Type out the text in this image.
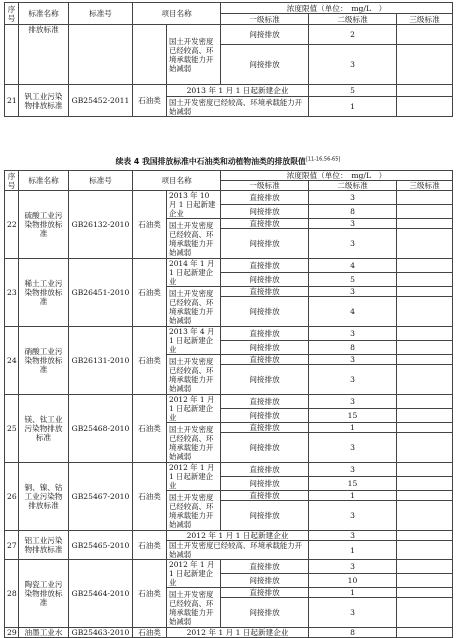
序号	标准名称	标准号	项目名称		浓度限值（单位：　mg/L　）		
					一级标准	二级标准	三级标准
	排放标准			国土开发密度已经较高、环境承载能力开始减弱	间接排放	2	
					间接排放	3	
21	钒工业污染物排放标准	GB25452-2011	石油类	2013 年 1 月 1 日起新建企业		5	
				国土开发密度已经较高、环境承载能力开始减弱		1	
续表 4 我国排放标准中石油类和动植物油类的排放限值[11-16,56-65]
序号	标准名称	标准号	项目名称		浓度限值（单位：　mg/L　）		
					一级标准	二级标准	三级标准
22	硫酸工业污染物排放标准	GB26132-2010	石油类	2013 年 10 月 1 日起新建企业	直接排放	3	
					间接排放	8	
				国土开发密度已经较高、环境承载能力开始减弱	直接排放	3	
					间接排放	3	
23	稀土工业污染物排放标准	GB26451-2010	石油类	2014 年 1 月 1 日起新建企业	直接排放	4	
					间接排放	5	
				国土开发密度已经较高、环境承载能力开始减弱	直接排放	3	
					间接排放	4	
24	硝酸工业污染物排放标准	GB26131-2010	石油类	2013 年 4 月 1 日起新建企业	直接排放	3	
					间接排放	8	
				国土开发密度已经较高、环境承载能力开始减弱	直接排放	3	
					间接排放	3	
25	镁、钛工业污染物排放标准	GB25468-2010	石油类	2012 年 1 月 1 日起新建企业	直接排放	3	
					间接排放	15	
				国土开发密度已经较高、环境承载能力开始减弱	直接排放	1	
					间接排放	3	
26	铜、镍、钴工业污染物排放标准	GB25467-2010	石油类	2012 年 1 月 1 日起新建企业	直接排放	3	
					间接排放	15	
				国土开发密度已经较高、环境承载能力开始减弱	直接排放	1	
					间接排放	3	
27	铝工业污染物排放标准	GB25465-2010	石油类	2012 年 1 月 1 日起新建企业		3	
				国土开发密度已经较高、环境承载能力开始减弱		1	
28	陶瓷工业污染物排放标准	GB25464-2010	石油类	2012 年 1 月 1 日起新建企业	直接排放	3	
					间接排放	10	
				国土开发密度已经较高、环境承载能力开始减弱	直接排放	1	
					间接排放	3	
29	油墨工业水	GB25463-2010	石油类	2012 年 1 月 1 日起新建企业		8	
